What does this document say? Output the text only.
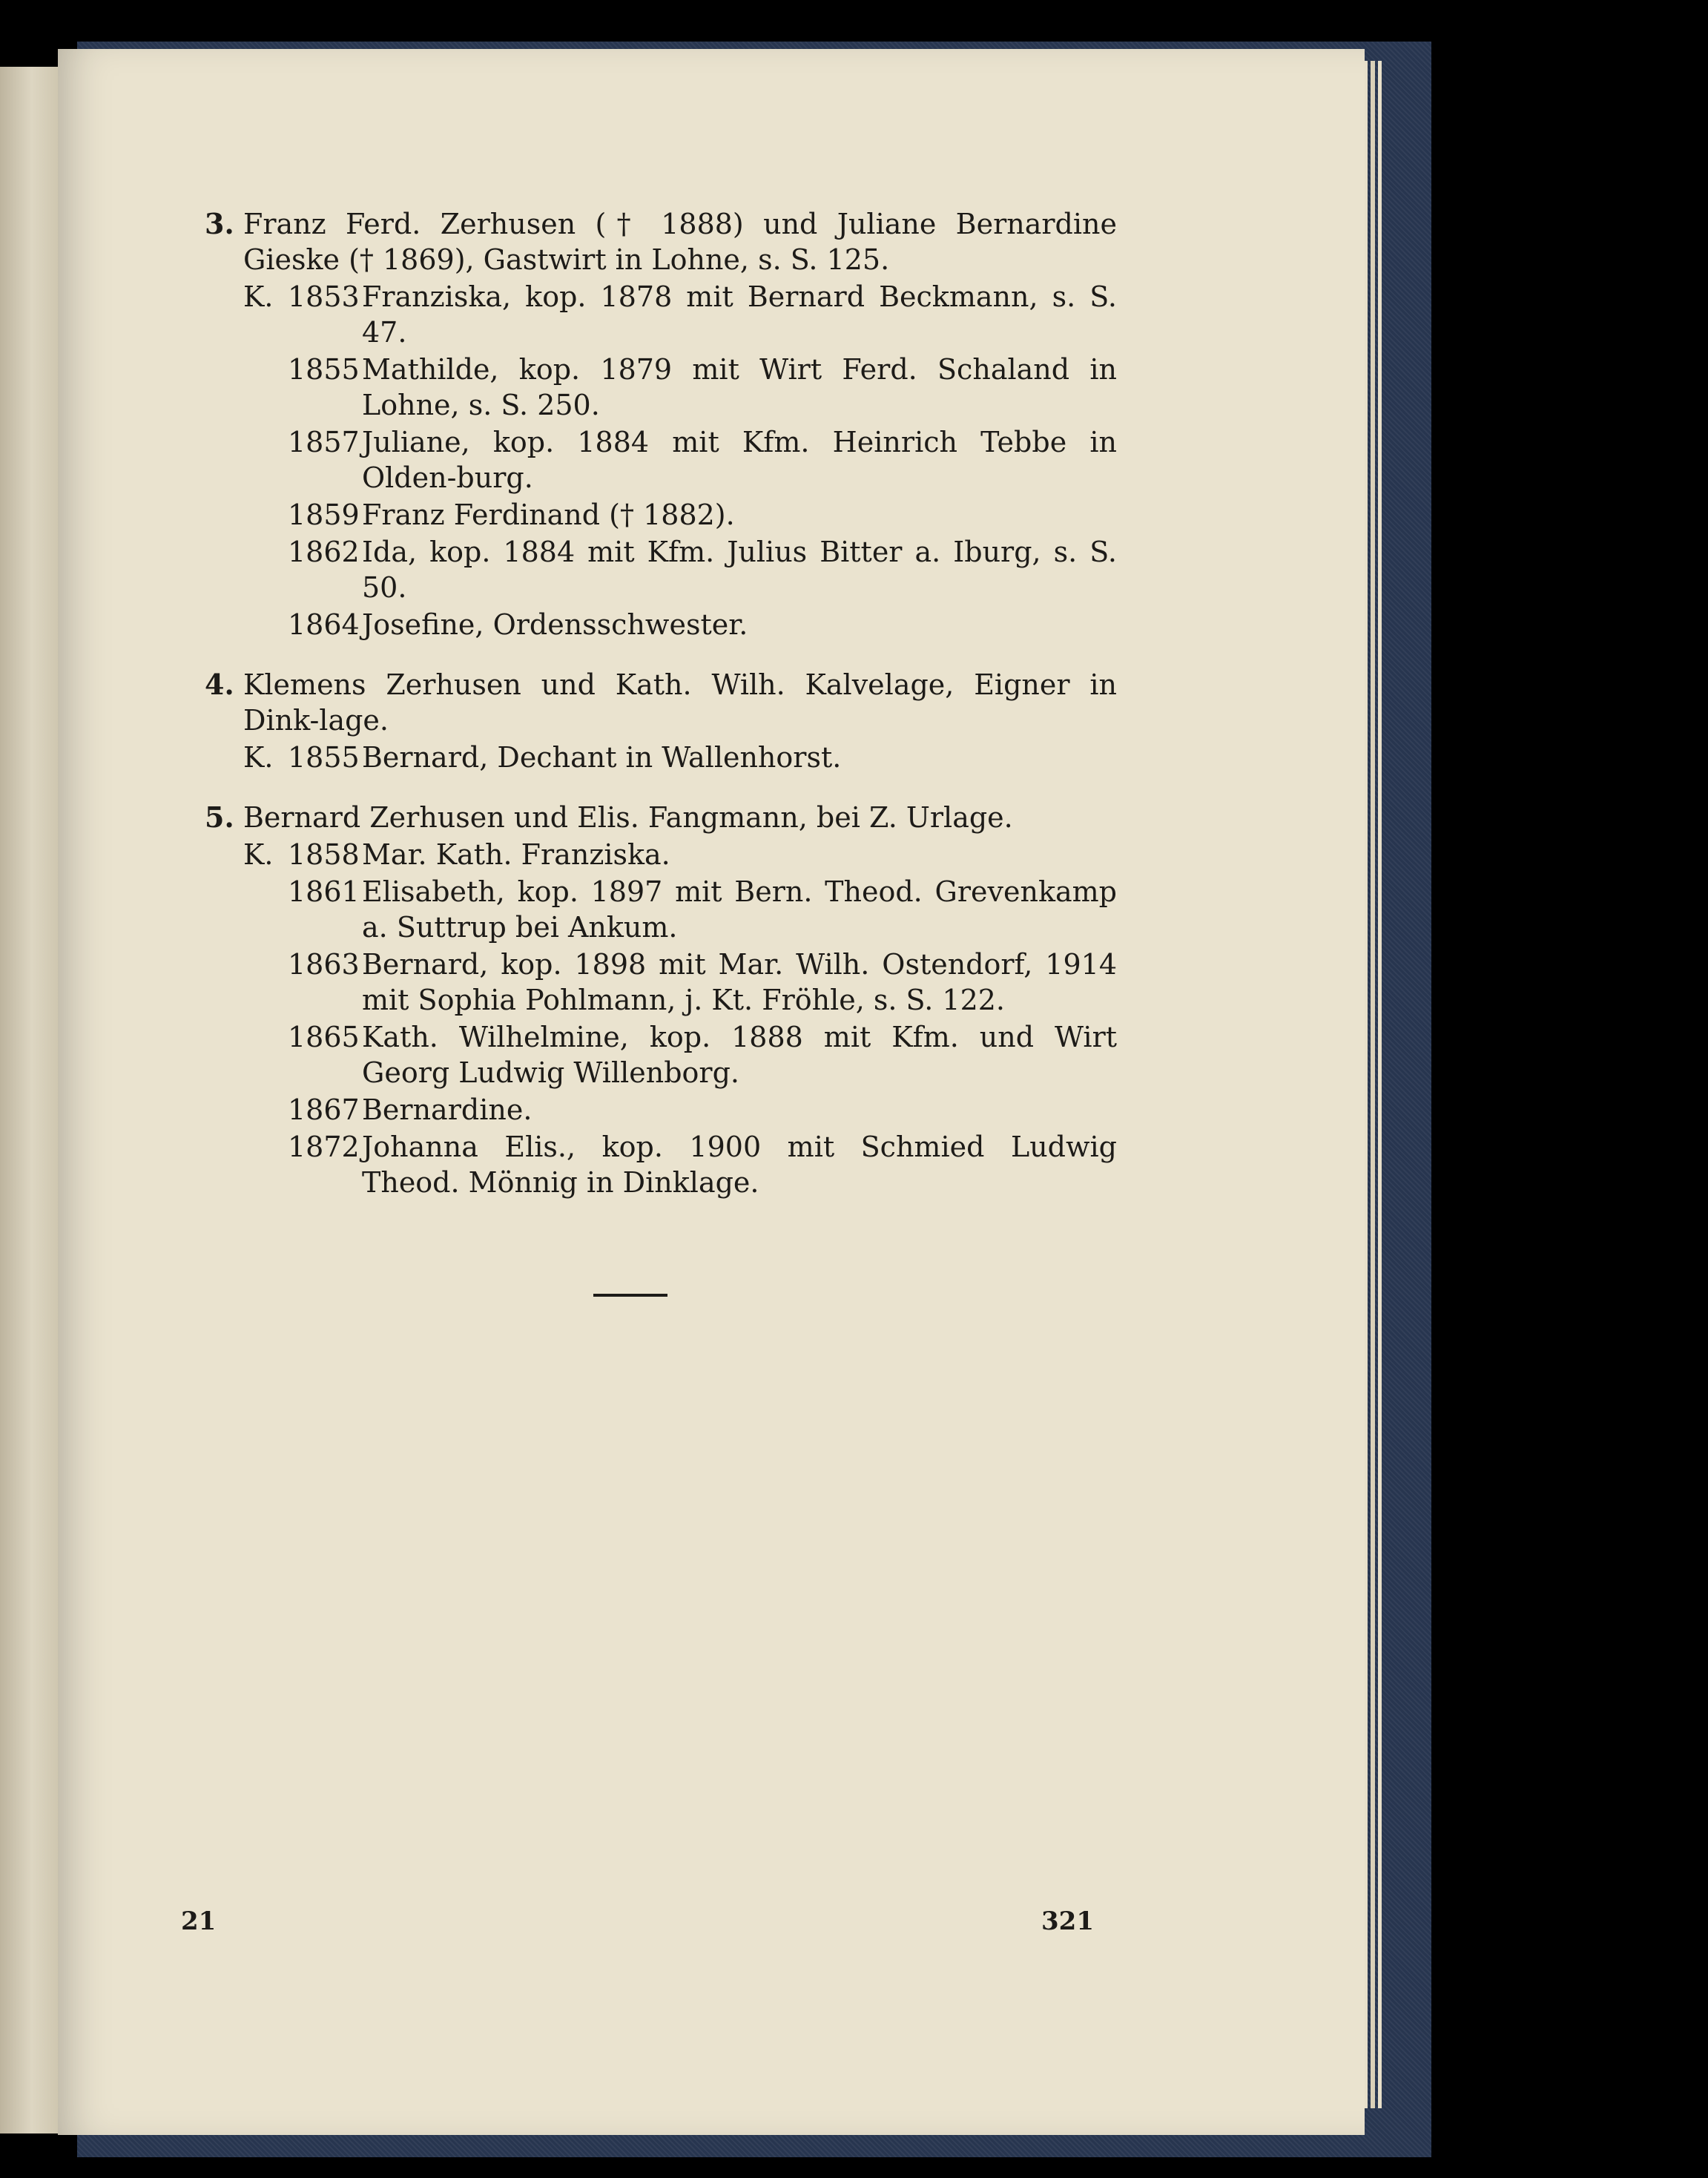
3. Franz Ferd. Zerhusen († 1888) und Juliane Bernardine Gieske († 1869), Gastwirt in Lohne, s. S. 125.
K. 1853 Franziska, kop. 1878 mit Bernard Beckmann, s. S. 47.
1855 Mathilde, kop. 1879 mit Wirt Ferd. Schaland in Lohne, s. S. 250.
1857 Juliane, kop. 1884 mit Kfm. Heinrich Tebbe in Olden-burg.
1859 Franz Ferdinand († 1882).
1862 Ida, kop. 1884 mit Kfm. Julius Bitter a. Iburg, s. S. 50.
1864 Josefine, Ordensschwester.
4. Klemens Zerhusen und Kath. Wilh. Kalvelage, Eigner in Dink-lage.
K. 1855 Bernard, Dechant in Wallenhorst.
5. Bernard Zerhusen und Elis. Fangmann, bei Z. Urlage.
K. 1858 Mar. Kath. Franziska.
1861 Elisabeth, kop. 1897 mit Bern. Theod. Grevenkamp a. Suttrup bei Ankum.
1863 Bernard, kop. 1898 mit Mar. Wilh. Ostendorf, 1914 mit Sophia Pohlmann, j. Kt. Fröhle, s. S. 122.
1865 Kath. Wilhelmine, kop. 1888 mit Kfm. und Wirt Georg Ludwig Willenborg.
1867 Bernardine.
1872 Johanna Elis., kop. 1900 mit Schmied Ludwig Theod. Mönnig in Dinklage.
21	321
